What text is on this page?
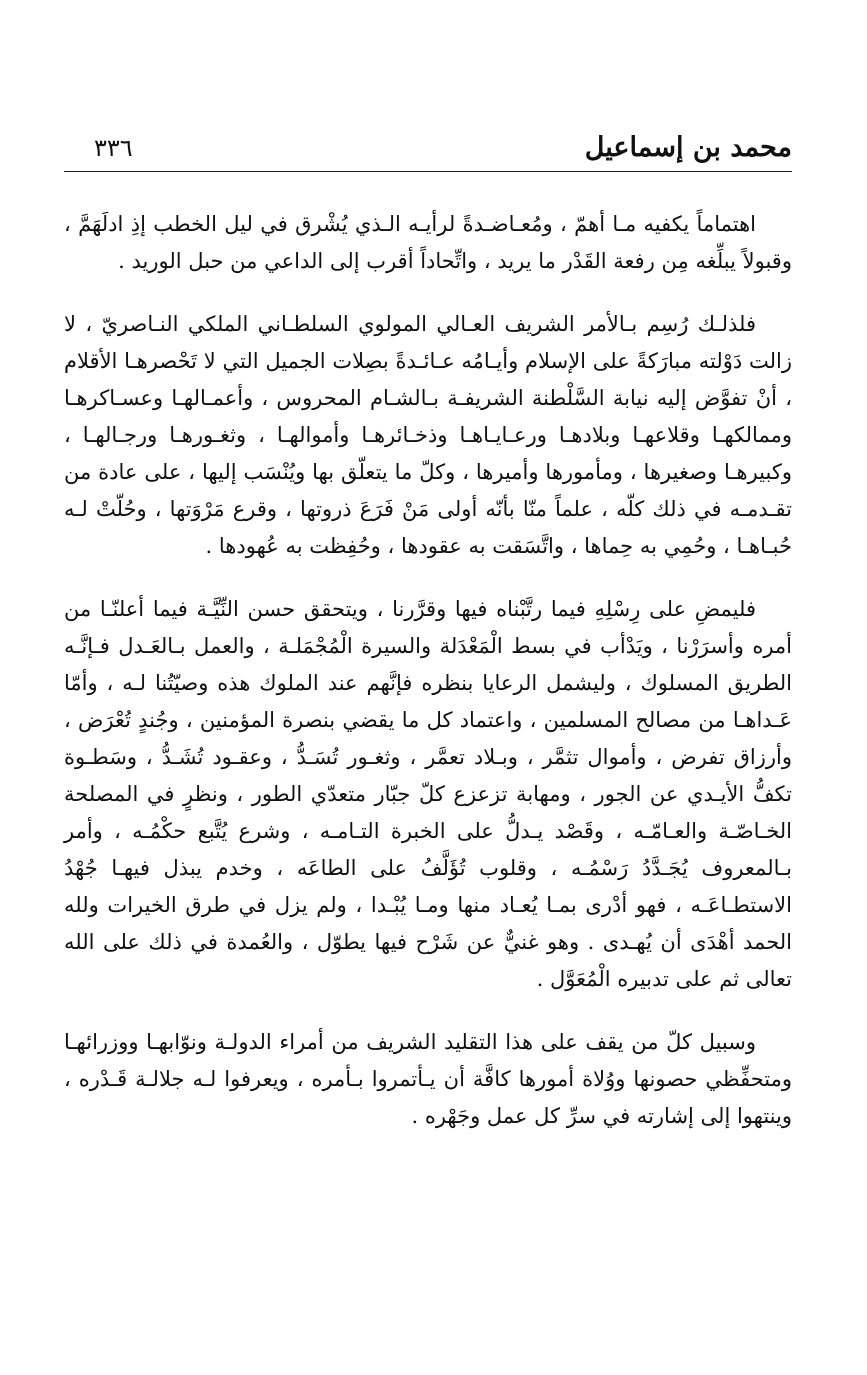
محمد بن إسماعيل
٣٣٦

اهتماماً يكفيه مـا أهمّ ، ومُعـاضـدةً لرأيـه الـذي يُشْرق في ليل الخطب إذِ ادلَهَمَّ ، وقبولاً يبلِّغه مِن رفعة القَدْر ما يريد ، واتِّحاداً أقرب إلى الداعي من حبل الوريد .

فلذلـك رُسِم بـالأمر الشريف العـالي المولوي السلطـاني الملكي النـاصريّ ، لا زالت دَوْلته مبارَكةً على الإسلام وأيـامُه عـائـدةً بصِلات الجميل التي لا تَحْصرهـا الأقلام ، أنْ تفوَّض إليه نيابة السَّلْطنة الشريفـة بـالشـام المحروس ، وأعمـالهـا وعسـاكرهـا وممالكهـا وقلاعهـا وبلادهـا ورعـايـاهـا وذخـائرهـا وأموالهـا ، وثغـورهـا ورجـالهـا ، وكبيرهـا وصغيرها ، ومأمورها وأميرها ، وكلّ ما يتعلّق بها ويُنْسَب إليها ، على عادة من تقـدمـه في ذلك كلّه ، علماً منّا بأنّه أولى مَنْ فَرَعَ ذروتها ، وقرع مَرْوَتها ، وحُلّتْ لـه حُبـاهـا ، وحُمِي به حِماها ، واتَّسَقت به عقودها ، وحُفِظت به عُهودها .

فليمضِ على رِسْلِهِ فيما رتَّبْناه فيها وقرَّرنا ، ويتحقق حسن النِّيَّـة فيما أعلنّـا من أمره وأسرَرْنا ، ويَدْأب في بسط الْمَعْدَلة والسيرة الْمُجْمَلـة ، والعمل بـالعَـدل فـإنَّـه الطريق المسلوك ، وليشمل الرعايا بنظره فإنَّهم عند الملوك هذه وصيّتُنا لـه ، وأمّا عَـداهـا من مصالح المسلمين ، واعتماد كل ما يقضي بنصرة المؤمنين ، وجُندٍ تُعْرَض ، وأرزاق تفرض ، وأموال تثمَّر ، وبـلاد تعمَّر ، وثغـور تُسَـدُّ ، وعقـود تُشَـدُّ ، وسَطـوة تكفُّ الأيـدي عن الجور ، ومهابة تزعزع كلّ جبّار متعدّي الطور ، ونظرٍ في المصلحة الخـاصّـة والعـامّـه ، وقَصْد يـدلُّ على الخبرة التـامـه ، وشرع يُتَّبع حكْمُـه ، وأمر بـالمعروف يُجَـدَّدُ رَسْمُـه ، وقلوب تُؤَلَّفُ على الطاعَه ، وخدم يبذل فيهـا جُهْدُ الاستطـاعَـه ، فهو أدْرى بمـا يُعـاد منها ومـا يُبْـدا ، ولم يزل في طرق الخيرات ولله الحمد أهْدَى أن يُهـدى . وهو غنيٌّ عن شَرْح فيها يطوّل ، والعُمدة في ذلك على الله تعالى ثم على تدبيره الْمُعَوَّل .

وسبيل كلّ من يقف على هذا التقليد الشريف من أمراء الدولـة ونوّابهـا ووزرائهـا ومتحفِّظي حصونها ووُلاة أمورها كافَّة أن يـأتمروا بـأمره ، ويعرفوا لـه جلالـة قَـدْره ، وينتهوا إلى إشارته في سرِّ كل عمل وجَهْره .
